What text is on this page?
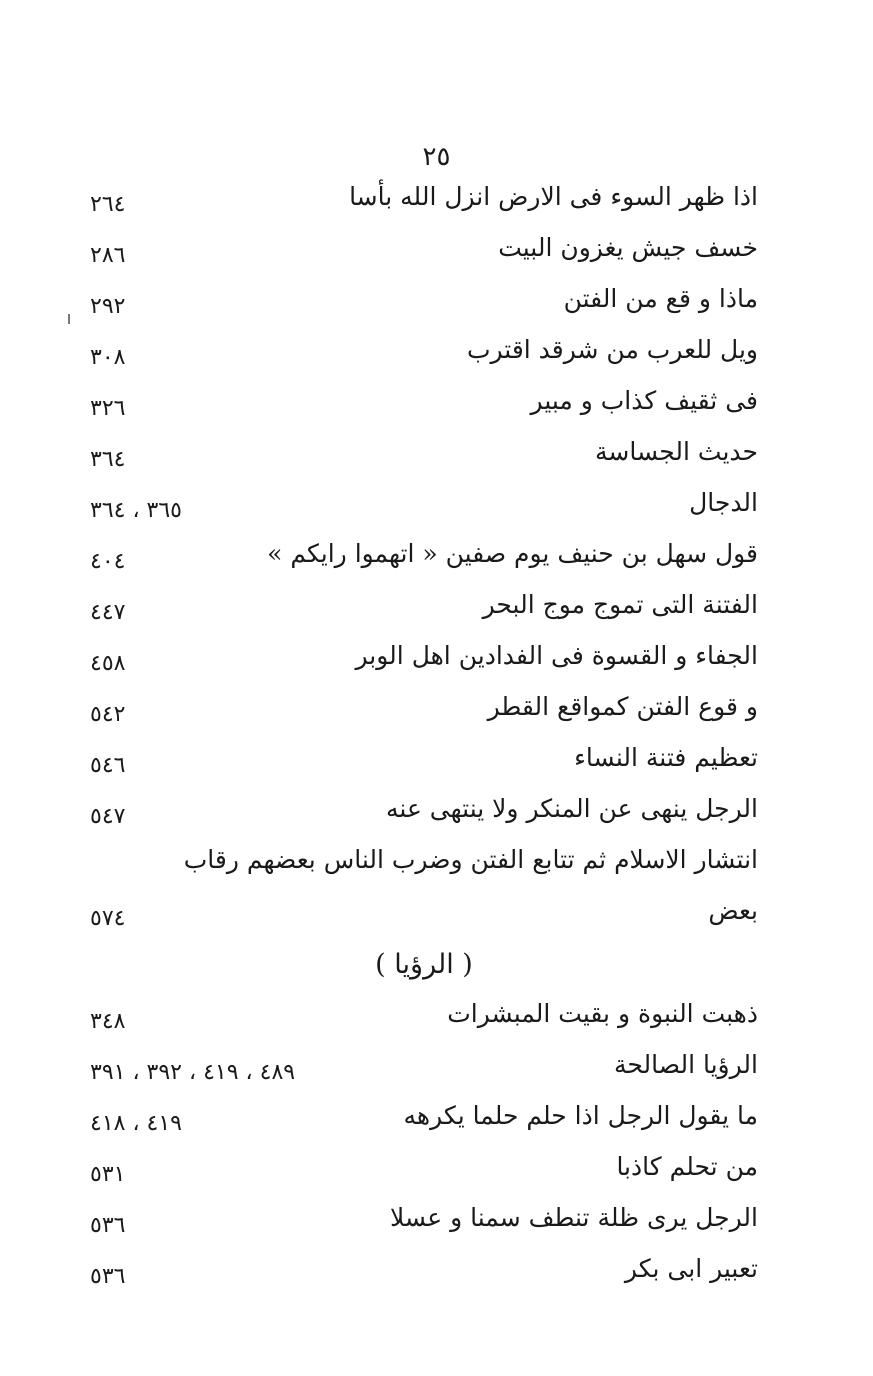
٢٥
اذا ظهر السوء فى الارض انزل الله بأسا
٢٦٤
خسف جيش يغزون البيت
٢٨٦
ماذا و قع من الفتن
٢٩٢
ويل للعرب من شرقد اقترب
٣٠٨
فى ثقيف كذاب و مبير
٣٢٦
حديث الجساسة
٣٦٤
الدجال
٣٦٥ ، ٣٦٤
قول سهل بن حنيف يوم صفين « اتهموا رايكم »
٤٠٤
الفتنة التى تموج موج البحر
٤٤٧
الجفاء و القسوة فى الفدادين اهل الوبر
٤٥٨
و قوع الفتن كمواقع القطر
٥٤٢
تعظيم فتنة النساء
٥٤٦
الرجل ينهى عن المنكر ولا ينتهى عنه
٥٤٧
انتشار الاسلام ثم تتابع الفتن وضرب الناس بعضهم رقاب
بعض
٥٧٤
( الرؤيا )
ذهبت النبوة و بقيت المبشرات
٣٤٨
الرؤيا الصالحة
٤٨٩ ، ٤١٩ ، ٣٩٢ ، ٣٩١
ما يقول الرجل اذا حلم حلما يكرهه
٤١٩ ، ٤١٨
من تحلم كاذبا
٥٣١
الرجل يرى ظلة تنطف سمنا و عسلا
٥٣٦
تعبير ابى بكر
٥٣٦
